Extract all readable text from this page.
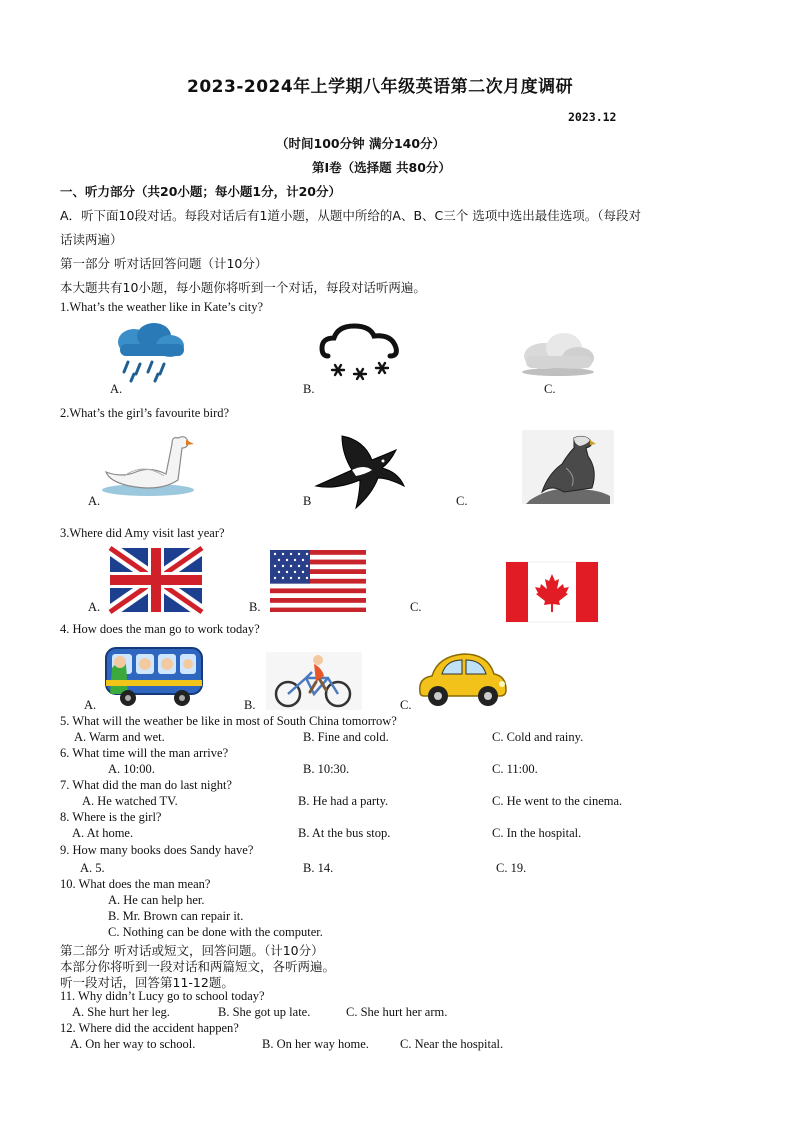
2023-2024年上学期八年级英语第二次月度调研
2023.12
（时间100分钟 满分140分）
第Ⅰ卷（选择题 共80分）
一、听力部分（共20小题；每小题1分，计20分）
A．听下面10段对话。每段对话后有1道小题，从题中所给的A、B、C三个 选项中选出最佳选项。（每段对
话读两遍）
第一部分 听对话回答问题（计10分）
本大题共有10小题，每小题你将听到一个对话，每段对话听两遍。
1.What’s the weather like in Kate’s city?
A.	B.	C.
2.What’s the girl’s favourite bird?
A.	B	C.
3.Where did Amy visit last year?
A.	B.	C.
4. How does the man go to work today?
A.	B.	C.
5. What will the weather be like in most of South China tomorrow?
A. Warm and wet.	B. Fine and cold.	C. Cold and rainy.
6. What time will the man arrive?
A. 10:00.	B. 10:30.	C. 11:00.
7. What did the man do last night?
A. He watched TV.	B. He had a party.	C. He went to the cinema.
8. Where is the girl?
A. At home.	B. At the bus stop.	C. In the hospital.
9. How many books does Sandy have?
A. 5.	B. 14.	C. 19.
10. What does the man mean?
A. He can help her.
B. Mr. Brown can repair it.
C. Nothing can be done with the computer.
第二部分 听对话或短文，回答问题。（计10分）
本部分你将听到一段对话和两篇短文，各听两遍。
听一段对话，回答第11-12题。
11. Why didn’t Lucy go to school today?
A. She hurt her leg.	B. She got up late.	C. She hurt her arm.
12. Where did the accident happen?
A. On her way to school.	B. On her way home. C. Near the hospital.
